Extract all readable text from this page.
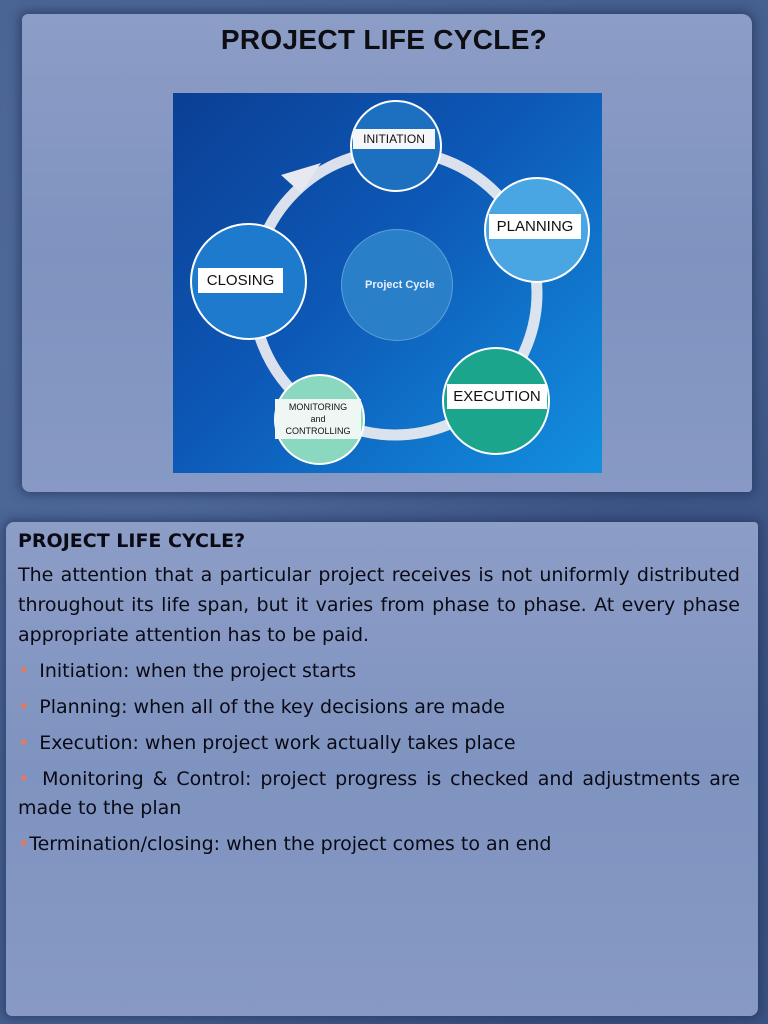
PROJECT LIFE CYCLE?
Project Cycle
INITIATION
PLANNING
EXECUTION
MONITORING
and
CONTROLLING
CLOSING
PROJECT LIFE CYCLE?

The attention that a particular project receives is not uniformly distributed throughout its life span, but it varies from phase to phase. At every phase appropriate attention has to be paid.

• Initiation: when the project starts
• Planning: when all of the key decisions are made
• Execution: when project work actually takes place
• Monitoring & Control: project progress is checked and adjustments are made to the plan
•Termination/closing: when the project comes to an end
